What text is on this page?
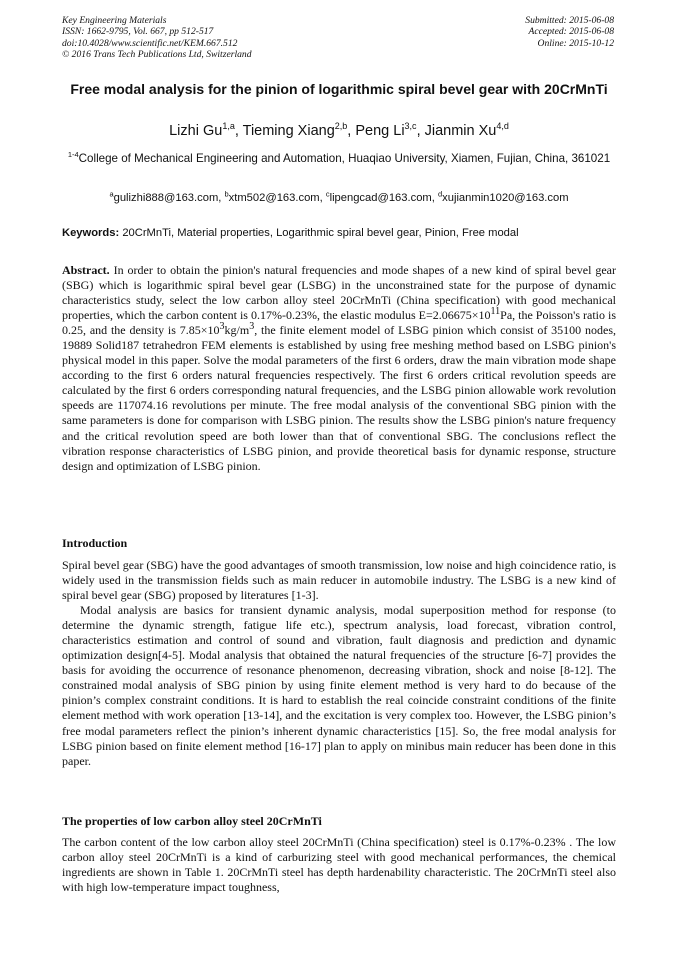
Key Engineering Materials
ISSN: 1662-9795, Vol. 667, pp 512-517
doi:10.4028/www.scientific.net/KEM.667.512
© 2016 Trans Tech Publications Ltd, Switzerland
Submitted: 2015-06-08
Accepted: 2015-06-08
Online: 2015-10-12
Free modal analysis for the pinion of logarithmic spiral bevel gear with 20CrMnTi
Lizhi Gu$^{1,a}$, Tieming Xiang$^{2,b}$, Peng Li$^{3,c}$, Jianmin Xu$^{4,d}$
$^{1-4}$College of Mechanical Engineering and Automation, Huaqiao University, Xiamen, Fujian, China, 361021
$^a$gulizhi888@163.com, $^b$xtm502@163.com, $^c$lipengcad@163.com, $^d$xujianmin1020@163.com
Keywords: 20CrMnTi, Material properties, Logarithmic spiral bevel gear, Pinion, Free modal

Abstract. In order to obtain the pinion's natural frequencies and mode shapes of a new kind of spiral bevel gear (SBG) which is logarithmic spiral bevel gear (LSBG) in the unconstrained state for the purpose of dynamic characteristics study, select the low carbon alloy steel 20CrMnTi (China specification) with good mechanical properties, which the carbon content is 0.17%-0.23%, the elastic modulus $E=2.06675\times 10^{11}Pa$, the Poisson's ratio is 0.25, and the density is $7.85\times 10^3kg/m^3$, the finite element model of LSBG pinion which consist of 35100 nodes, 19889 Solid187 tetrahedron FEM elements is established by using free meshing method based on LSBG pinion's physical model in this paper. Solve the modal parameters of the first 6 orders, draw the main vibration mode shape according to the first 6 orders natural frequencies respectively. The first 6 orders critical revolution speeds are calculated by the first 6 orders corresponding natural frequencies, and the LSBG pinion allowable work revolution speeds are 117074.16 revolutions per minute. The free modal analysis of the conventional SBG pinion with the same parameters is done for comparison with LSBG pinion. The results show the LSBG pinion's nature frequency and the critical revolution speed are both lower than that of conventional SBG. The conclusions reflect the vibration response characteristics of LSBG pinion, and provide theoretical basis for dynamic response, structure design and optimization of LSBG pinion.

Introduction

Spiral bevel gear (SBG) have the good advantages of smooth transmission, low noise and high coincidence ratio, is widely used in the transmission fields such as main reducer in automobile industry. The LSBG is a new kind of spiral bevel gear (SBG) proposed by literatures [1-3].

Modal analysis are basics for transient dynamic analysis, modal superposition method for response (to determine the dynamic strength, fatigue life etc.), spectrum analysis, load forecast, vibration control, characteristics estimation and control of sound and vibration, fault diagnosis and prediction and dynamic optimization design[4-5]. Modal analysis that obtained the natural frequencies of the structure [6-7] provides the basis for avoiding the occurrence of resonance phenomenon, decreasing vibration, shock and noise [8-12]. The constrained modal analysis of SBG pinion by using finite element method is very hard to do because of the pinion’s complex constraint conditions. It is hard to establish the real coincide constraint conditions of the finite element method with work operation [13-14], and the excitation is very complex too. However, the LSBG pinion’s free modal parameters reflect the pinion’s inherent dynamic characteristics [15]. So, the free modal analysis for LSBG pinion based on finite element method [16-17] plan to apply on minibus main reducer has been done in this paper.

The properties of low carbon alloy steel 20CrMnTi

The carbon content of the low carbon alloy steel 20CrMnTi (China specification) steel is 0.17%-0.23% . The low carbon alloy steel 20CrMnTi is a kind of carburizing steel with good mechanical performances, the chemical ingredients are shown in Table 1. 20CrMnTi steel has depth hardenability characteristic. The 20CrMnTi steel also with high low-temperature impact toughness,
